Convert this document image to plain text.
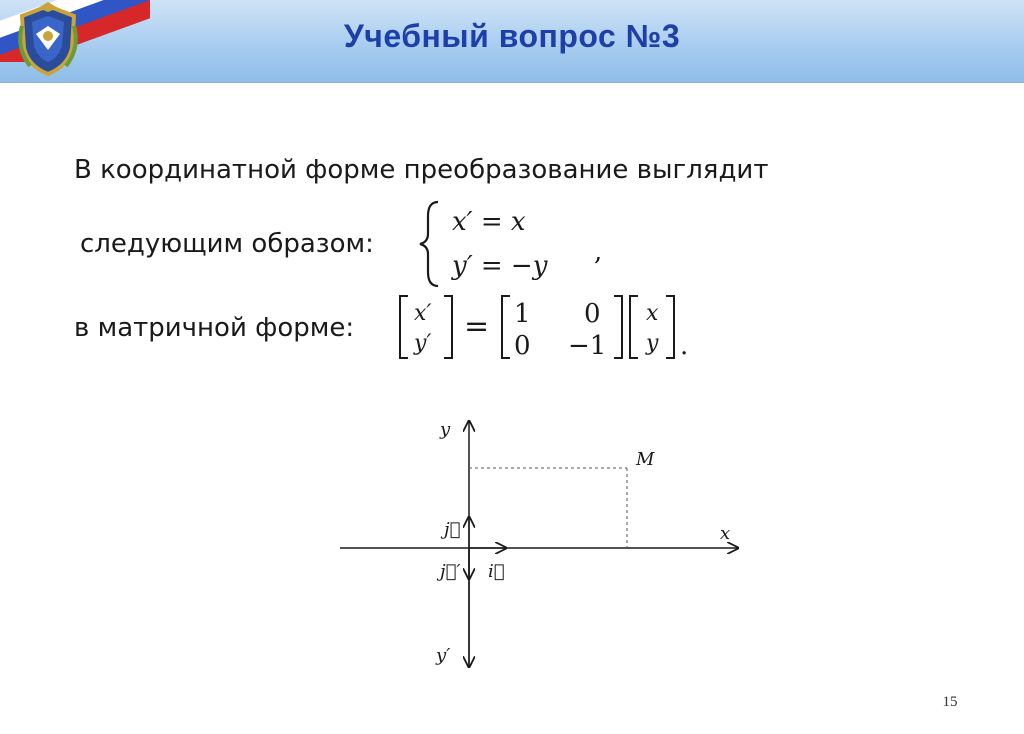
Учебный вопрос №3
В координатной форме преобразование выглядит
следующим образом:
x′ = x
y′ = −y ,
в матричной форме:	x′
y′ = 1 0
0 −1
x
y .
y
x
M
j⃗
j⃗′ i⃗
y′
15
